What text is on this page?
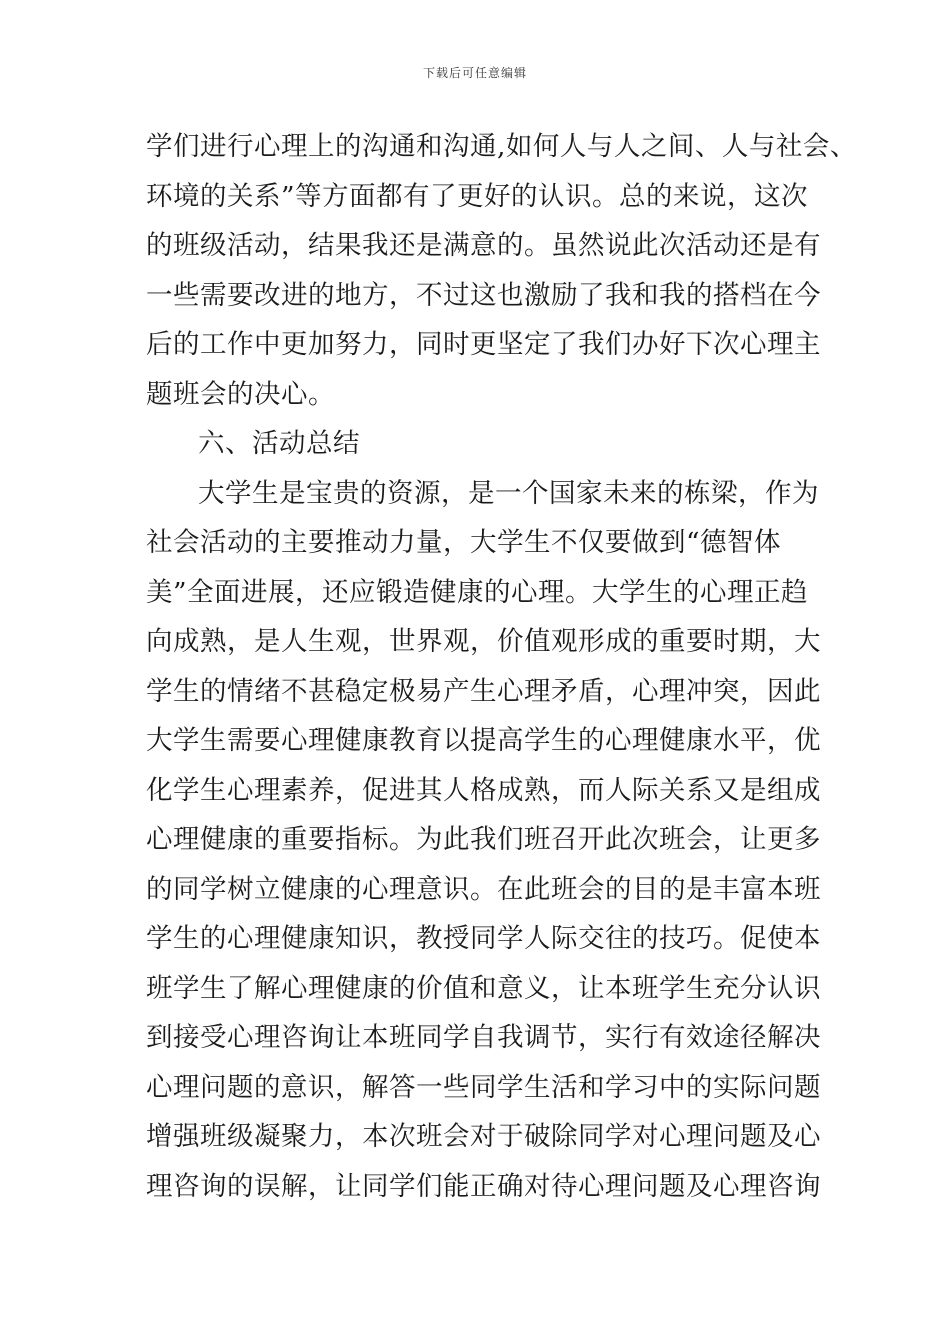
下载后可任意编辑
学们进行心理上的沟通和沟通,如何人与人之间、人与社会、
环境的关系”等方面都有了更好的认识。总的来说，这次
的班级活动，结果我还是满意的。虽然说此次活动还是有
一些需要改进的地方，不过这也激励了我和我的搭档在今
后的工作中更加努力，同时更坚定了我们办好下次心理主
题班会的决心。
六、活动总结
大学生是宝贵的资源，是一个国家未来的栋梁，作为
社会活动的主要推动力量，大学生不仅要做到“德智体
美”全面进展，还应锻造健康的心理。大学生的心理正趋
向成熟，是人生观，世界观，价值观形成的重要时期，大
学生的情绪不甚稳定极易产生心理矛盾，心理冲突，因此
大学生需要心理健康教育以提高学生的心理健康水平，优
化学生心理素养，促进其人格成熟，而人际关系又是组成
心理健康的重要指标。为此我们班召开此次班会，让更多
的同学树立健康的心理意识。在此班会的目的是丰富本班
学生的心理健康知识，教授同学人际交往的技巧。促使本
班学生了解心理健康的价值和意义，让本班学生充分认识
到接受心理咨询让本班同学自我调节，实行有效途径解决
心理问题的意识，解答一些同学生活和学习中的实际问题
增强班级凝聚力，本次班会对于破除同学对心理问题及心
理咨询的误解，让同学们能正确对待心理问题及心理咨询
